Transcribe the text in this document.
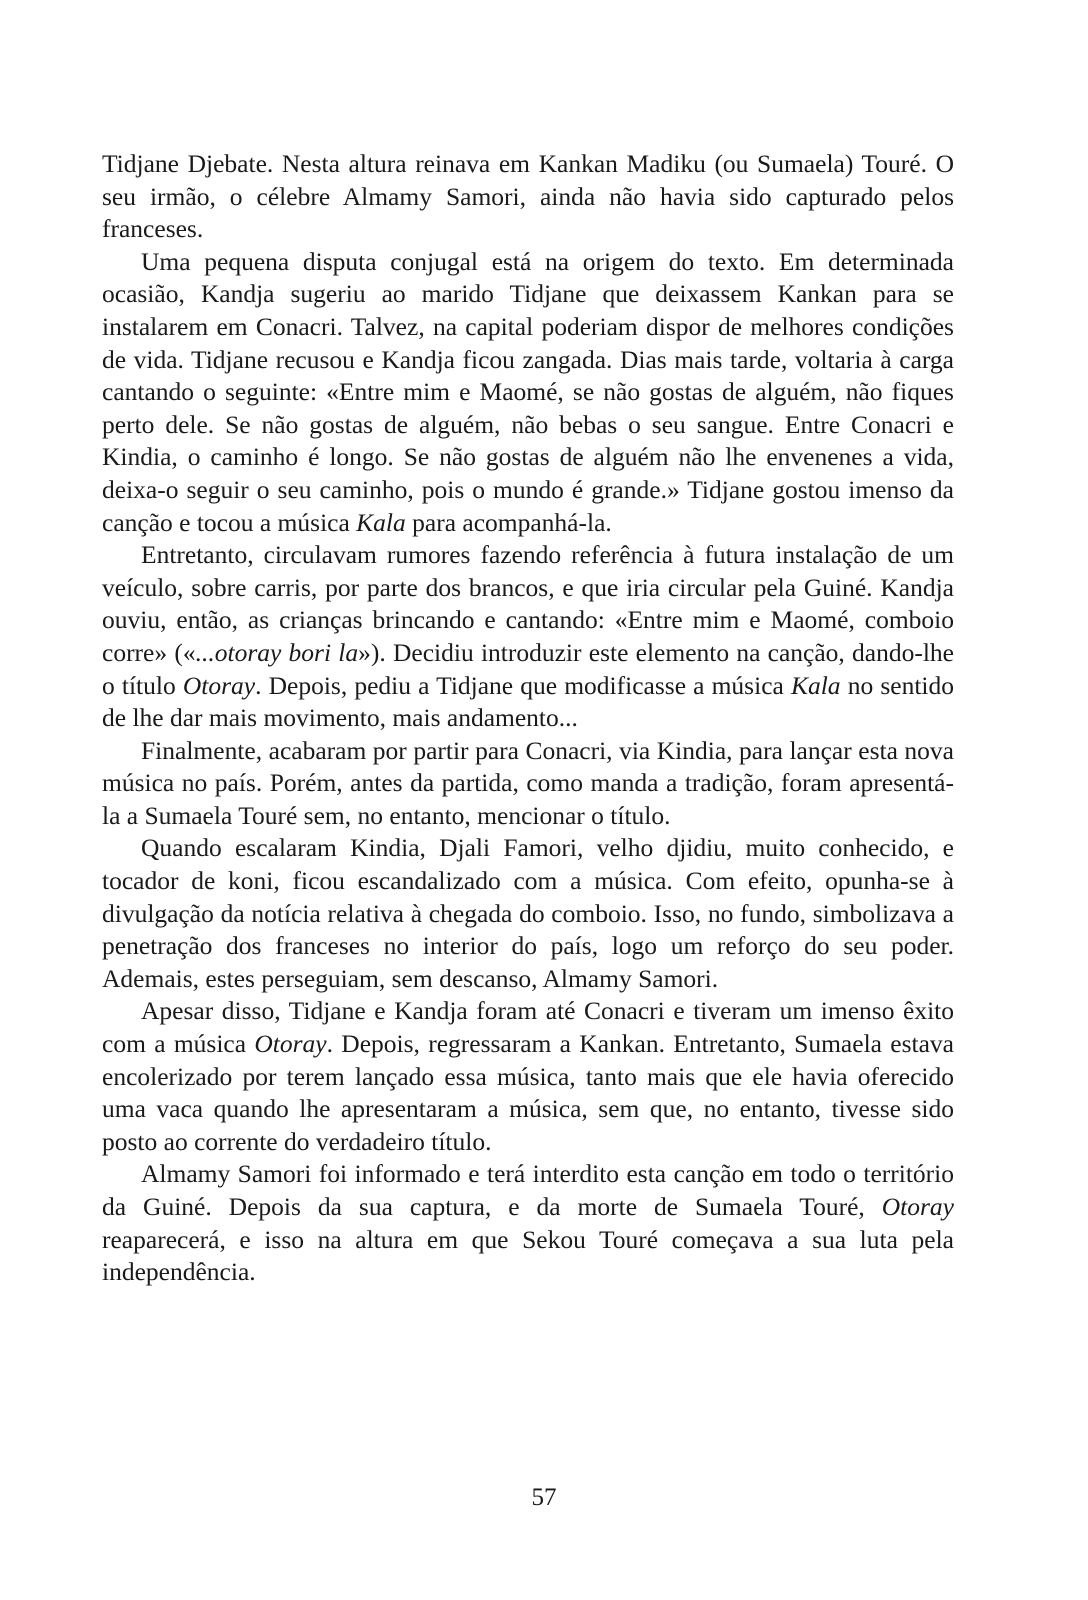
Tidjane Djebate. Nesta altura reinava em Kankan Madiku (ou Sumaela) Touré. O seu irmão, o célebre Almamy Samori, ainda não havia sido capturado pelos franceses.

Uma pequena disputa conjugal está na origem do texto. Em determinada ocasião, Kandja sugeriu ao marido Tidjane que deixassem Kankan para se instalarem em Conacri. Talvez, na capital poderiam dispor de melhores condições de vida. Tidjane recusou e Kandja ficou zangada. Dias mais tarde, voltaria à carga cantando o seguinte: «Entre mim e Maomé, se não gostas de alguém, não fiques perto dele. Se não gostas de alguém, não bebas o seu sangue. Entre Conacri e Kindia, o caminho é longo. Se não gostas de alguém não lhe envenenes a vida, deixa-o seguir o seu caminho, pois o mundo é grande.» Tidjane gostou imenso da canção e tocou a música Kala para acompanhá-la.

Entretanto, circulavam rumores fazendo referência à futura instalação de um veículo, sobre carris, por parte dos brancos, e que iria circular pela Guiné. Kandja ouviu, então, as crianças brincando e cantando: «Entre mim e Maomé, comboio corre» («...otoray bori la»). Decidiu introduzir este elemento na canção, dando-lhe o título Otoray. Depois, pediu a Tidjane que modificasse a música Kala no sentido de lhe dar mais movimento, mais andamento...

Finalmente, acabaram por partir para Conacri, via Kindia, para lançar esta nova música no país. Porém, antes da partida, como manda a tradição, foram apresentá-la a Sumaela Touré sem, no entanto, mencionar o título.

Quando escalaram Kindia, Djali Famori, velho djidiu, muito conhecido, e tocador de koni, ficou escandalizado com a música. Com efeito, opunha-se à divulgação da notícia relativa à chegada do comboio. Isso, no fundo, simbolizava a penetração dos franceses no interior do país, logo um reforço do seu poder. Ademais, estes perseguiam, sem descanso, Almamy Samori.

Apesar disso, Tidjane e Kandja foram até Conacri e tiveram um imenso êxito com a música Otoray. Depois, regressaram a Kankan. Entretanto, Sumaela estava encolerizado por terem lançado essa música, tanto mais que ele havia oferecido uma vaca quando lhe apresentaram a música, sem que, no entanto, tivesse sido posto ao corrente do verdadeiro título.

Almamy Samori foi informado e terá interdito esta canção em todo o território da Guiné. Depois da sua captura, e da morte de Sumaela Touré, Otoray reaparecerá, e isso na altura em que Sekou Touré começava a sua luta pela independência.

57
